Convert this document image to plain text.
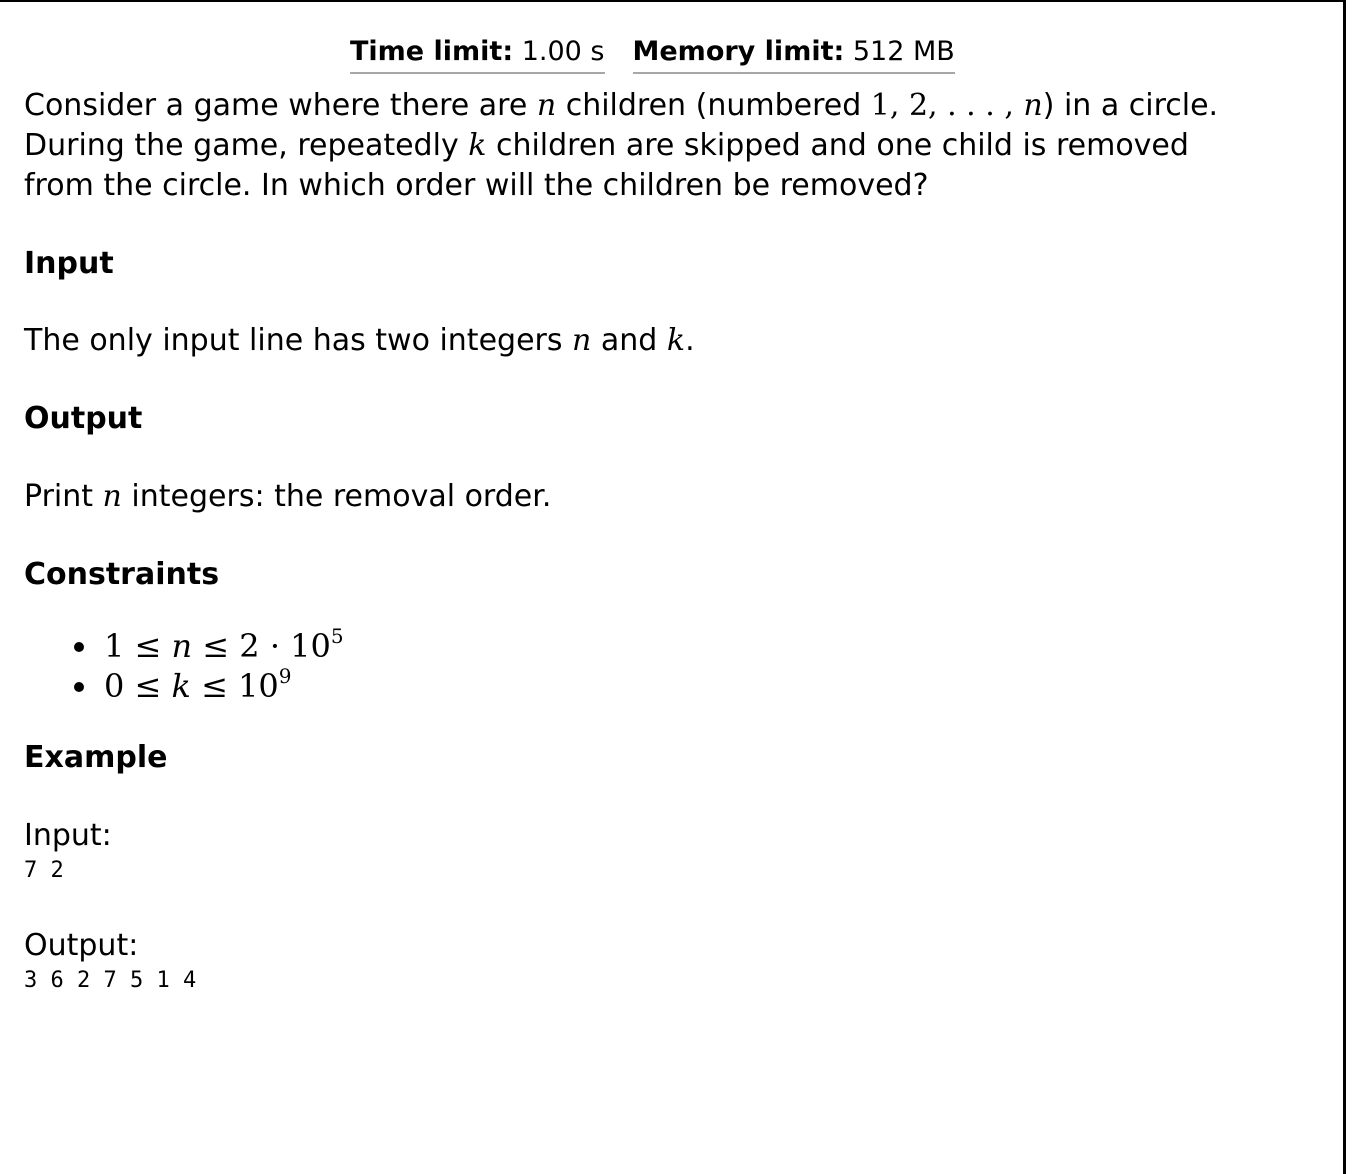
Time limit: 1.00 s Memory limit: 512 MB
Consider a game where there are n children (numbered 1, 2, . . . , n) in a circle.
During the game, repeatedly k children are skipped and one child is removed
from the circle. In which order will the children be removed?
Input
The only input line has two integers n and k.
Output
Print n integers: the removal order.
Constraints
$1 \le n \le 2 \cdot 10^5$
$0 \le k \le 10^9$
Example
Input:
7 2
Output:
3 6 2 7 5 1 4
